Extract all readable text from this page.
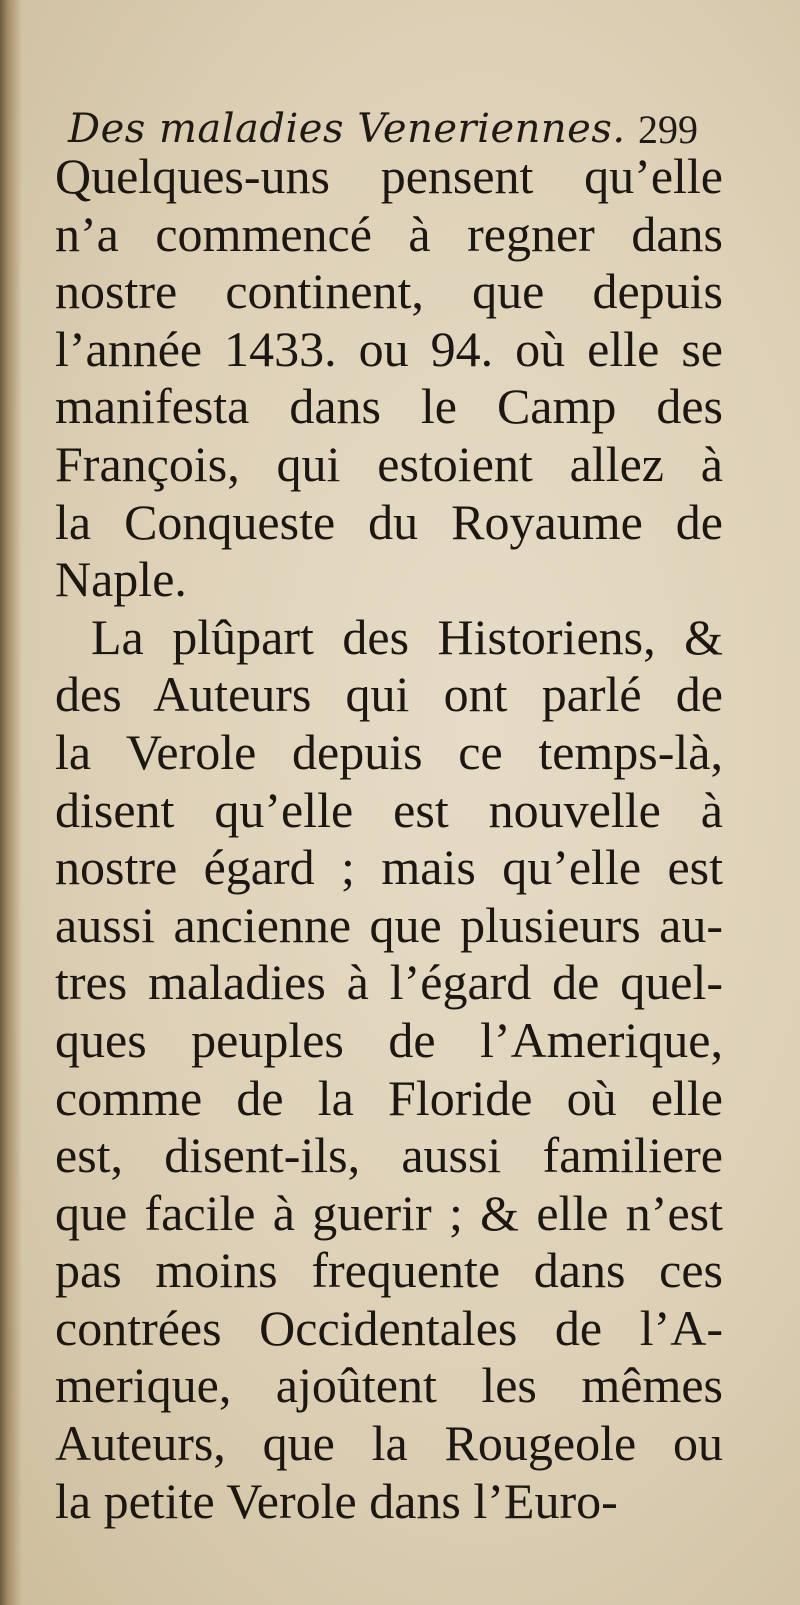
Des maladies Veneriennes. 299
Quelques-uns pensent qu’elle
n’a commencé à regner dans
nostre continent, que depuis
l’année 1433. ou 94. où elle se
manifesta dans le Camp des
François, qui estoient allez à
la Conqueste du Royaume de
Naple.
La plûpart des Historiens, &
des Auteurs qui ont parlé de
la Verole depuis ce temps-là,
disent qu’elle est nouvelle à
nostre égard ; mais qu’elle est
aussi ancienne que plusieurs au-
tres maladies à l’égard de quel-
ques peuples de l’Amerique,
comme de la Floride où elle
est, disent-ils, aussi familiere
que facile à guerir ; & elle n’est
pas moins frequente dans ces
contrées Occidentales de l’A-
merique, ajoûtent les mêmes
Auteurs, que la Rougeole ou
la petite Verole dans l’Euro-
